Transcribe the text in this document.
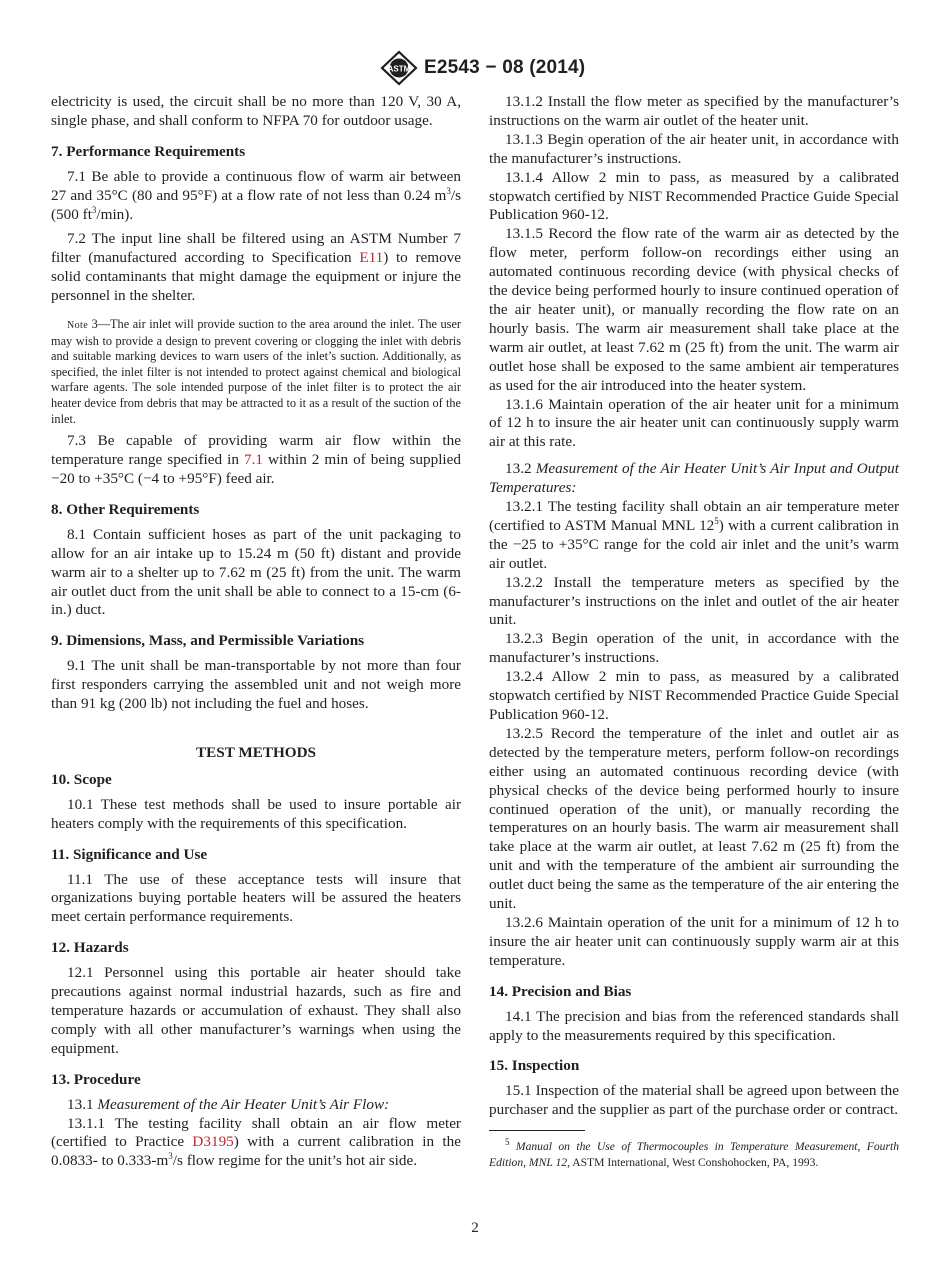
ASTM E2543 − 08 (2014)

electricity is used, the circuit shall be no more than 120 V, 30 A, single phase, and shall conform to NFPA 70 for outdoor usage.

7. Performance Requirements

7.1 Be able to provide a continuous flow of warm air between 27 and 35°C (80 and 95°F) at a flow rate of not less than 0.24 $m^3/s$ (500 $ft^3/\min$).

7.2 The input line shall be filtered using an ASTM Number 7 filter (manufactured according to Specification E11) to remove solid contaminants that might damage the equipment or injure the personnel in the shelter.

Note 3—The air inlet will provide suction to the area around the inlet. The user may wish to provide a design to prevent covering or clogging the inlet with debris and suitable marking devices to warn users of the inlet’s suction. Additionally, as specified, the inlet filter is not intended to protect against chemical and biological warfare agents. The sole intended purpose of the inlet filter is to protect the air heater device from debris that may be attracted to it as a result of the suction of the inlet.

7.3 Be capable of providing warm air flow within the temperature range specified in 7.1 within 2 min of being supplied −20 to +35°C (−4 to +95°F) feed air.

8. Other Requirements

8.1 Contain sufficient hoses as part of the unit packaging to allow for an air intake up to 15.24 m (50 ft) distant and provide warm air to a shelter up to 7.62 m (25 ft) from the unit. The warm air outlet duct from the unit shall be able to connect to a 15-cm (6-in.) duct.

9. Dimensions, Mass, and Permissible Variations

9.1 The unit shall be man-transportable by not more than four first responders carrying the assembled unit and not weigh more than 91 kg (200 lb) not including the fuel and hoses.

TEST METHODS

10. Scope

10.1 These test methods shall be used to insure portable air heaters comply with the requirements of this specification.

11. Significance and Use

11.1 The use of these acceptance tests will insure that organizations buying portable heaters will be assured the heaters meet certain performance requirements.

12. Hazards

12.1 Personnel using this portable air heater should take precautions against normal industrial hazards, such as fire and temperature hazards or accumulation of exhaust. They shall also comply with all other manufacturer’s warnings when using the equipment.

13. Procedure

13.1 Measurement of the Air Heater Unit’s Air Flow:

13.1.1 The testing facility shall obtain an air flow meter (certified to Practice D3195) with a current calibration in the 0.0833- to $0.333-m^3/s$ flow regime for the unit’s hot air side.

13.1.2 Install the flow meter as specified by the manufacturer’s instructions on the warm air outlet of the heater unit.

13.1.3 Begin operation of the air heater unit, in accordance with the manufacturer’s instructions.

13.1.4 Allow 2 min to pass, as measured by a calibrated stopwatch certified by NIST Recommended Practice Guide Special Publication 960-12.

13.1.5 Record the flow rate of the warm air as detected by the flow meter, perform follow-on recordings either using an automated continuous recording device (with physical checks of the device being performed hourly to insure continued operation of the air heater unit), or manually recording the flow rate on an hourly basis. The warm air measurement shall take place at the warm air outlet, at least 7.62 m (25 ft) from the unit. The warm air outlet hose shall be exposed to the same ambient air temperatures as used for the air introduced into the heater system.

13.1.6 Maintain operation of the air heater unit for a minimum of 12 h to insure the air heater unit can continuously supply warm air at this rate.

13.2 Measurement of the Air Heater Unit’s Air Input and Output Temperatures:

13.2.1 The testing facility shall obtain an air temperature meter (certified to ASTM Manual MNL $12^5$) with a current calibration in the −25 to +35°C range for the cold air inlet and the unit’s warm air outlet.

13.2.2 Install the temperature meters as specified by the manufacturer’s instructions on the inlet and outlet of the air heater unit.

13.2.3 Begin operation of the unit, in accordance with the manufacturer’s instructions.

13.2.4 Allow 2 min to pass, as measured by a calibrated stopwatch certified by NIST Recommended Practice Guide Special Publication 960-12.

13.2.5 Record the temperature of the inlet and outlet air as detected by the temperature meters, perform follow-on recordings either using an automated continuous recording device (with physical checks of the device being performed hourly to insure continued operation of the unit), or manually recording the temperatures on an hourly basis. The warm air measurement shall take place at the warm air outlet, at least 7.62 m (25 ft) from the unit and with the temperature of the ambient air surrounding the outlet duct being the same as the temperature of the air entering the unit.

13.2.6 Maintain operation of the unit for a minimum of 12 h to insure the air heater unit can continuously supply warm air at this temperature.

14. Precision and Bias

14.1 The precision and bias from the referenced standards shall apply to the measurements required by this specification.

15. Inspection

15.1 Inspection of the material shall be agreed upon between the purchaser and the supplier as part of the purchase order or contract.

$^5$ Manual on the Use of Thermocouples in Temperature Measurement, Fourth Edition, MNL 12, ASTM International, West Conshohocken, PA, 1993.

2
